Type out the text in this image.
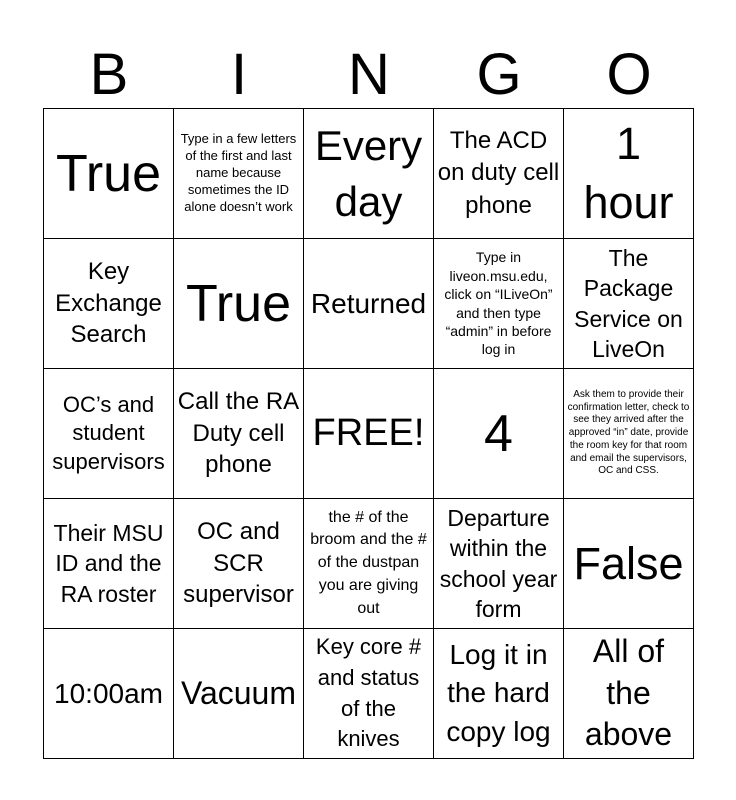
B	I	N	G	O
True	Type in a few letters of the first and last name because sometimes the ID alone doesn’t work	Every day	The ACD on duty cell phone	1 hour

Key Exchange Search	True	Returned	Type in liveon.msu.edu, click on “ILiveOn” and then type “admin” in before log in	The Package Service on LiveOn

OC’s and student supervisors	Call the RA Duty cell phone	FREE!	4	Ask them to provide their confirmation letter, check to see they arrived after the approved “in” date, provide the room key for that room and email the supervisors, OC and CSS.

Their MSU ID and the RA roster	OC and SCR supervisor	the # of the broom and the # of the dustpan you are giving out	Departure within the school year form	False

10:00am	Vacuum	Key core # and status of the knives	Log it in the hard copy log	All of the above
